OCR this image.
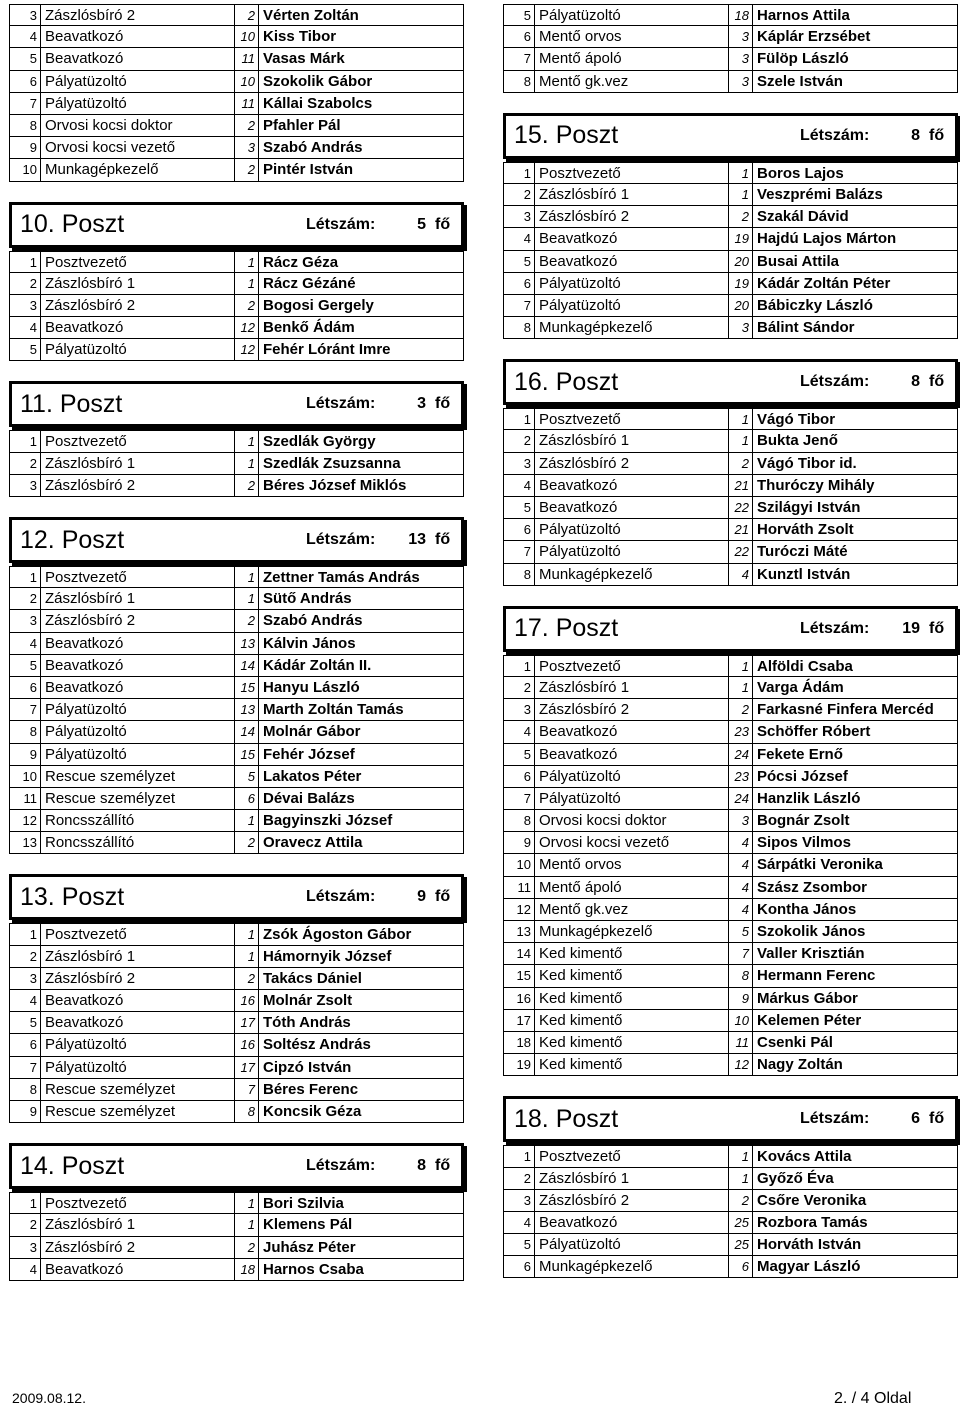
3 Zászlósbíró 2	2 Vérten Zoltán
4 Beavatkozó	10 Kiss Tibor
5 Beavatkozó	11 Vasas Márk
6 Pályatüzoltó	10 Szokolik Gábor
7 Pályatüzoltó	11 Kállai Szabolcs
8 Orvosi kocsi doktor	2 Pfahler Pál
9 Orvosi kocsi vezető	3 Szabó András
10 Munkagépkezelő	2 Pintér István
10. Poszt	Létszám:	5 fő
1 Posztvezető	1 Rácz Géza
2 Zászlósbíró 1	1 Rácz Gézáné
3 Zászlósbíró 2	2 Bogosi Gergely
4 Beavatkozó	12 Benkő Ádám
5 Pályatüzoltó	12 Fehér Lóránt Imre
11. Poszt	Létszám:	3 fő
1 Posztvezető	1 Szedlák György
2 Zászlósbíró 1	1 Szedlák Zsuzsanna
3 Zászlósbíró 2	2 Béres József Miklós
12. Poszt	Létszám:	13 fő
1 Posztvezető	1 Zettner Tamás András
2 Zászlósbíró 1	1 Sütő András
3 Zászlósbíró 2	2 Szabó András
4 Beavatkozó	13 Kálvin János
5 Beavatkozó	14 Kádár Zoltán II.
6 Beavatkozó	15 Hanyu László
7 Pályatüzoltó	13 Marth Zoltán Tamás
8 Pályatüzoltó	14 Molnár Gábor
9 Pályatüzoltó	15 Fehér József
10 Rescue személyzet	5 Lakatos Péter
11 Rescue személyzet	6 Dévai Balázs
12 Roncsszállító	1 Bagyinszki József
13 Roncsszállító	2 Oravecz Attila
13. Poszt	Létszám:	9 fő
1 Posztvezető	1 Zsók Ágoston Gábor
2 Zászlósbíró 1	1 Hámornyik József
3 Zászlósbíró 2	2 Takács Dániel
4 Beavatkozó	16 Molnár Zsolt
5 Beavatkozó	17 Tóth András
6 Pályatüzoltó	16 Soltész András
7 Pályatüzoltó	17 Cipzó István
8 Rescue személyzet	7 Béres Ferenc
9 Rescue személyzet	8 Koncsik Géza
14. Poszt	Létszám:	8 fő
1 Posztvezető	1 Bori Szilvia
2 Zászlósbíró 1	1 Klemens Pál
3 Zászlósbíró 2	2 Juhász Péter
4 Beavatkozó	18 Harnos Csaba
5 Pályatüzoltó	18 Harnos Attila
6 Mentő orvos	3 Káplár Erzsébet
7 Mentő ápoló	3 Fülöp László
8 Mentő gk.vez	3 Szele István
15. Poszt	Létszám:	8 fő
1 Posztvezető	1 Boros Lajos
2 Zászlósbíró 1	1 Veszprémi Balázs
3 Zászlósbíró 2	2 Szakál Dávid
4 Beavatkozó	19 Hajdú Lajos Márton
5 Beavatkozó	20 Busai Attila
6 Pályatüzoltó	19 Kádár Zoltán Péter
7 Pályatüzoltó	20 Bábiczky László
8 Munkagépkezelő	3 Bálint Sándor
16. Poszt	Létszám:	8 fő
1 Posztvezető	1 Vágó Tibor
2 Zászlósbíró 1	1 Bukta Jenő
3 Zászlósbíró 2	2 Vágó Tibor id.
4 Beavatkozó	21 Thuróczy Mihály
5 Beavatkozó	22 Szilágyi István
6 Pályatüzoltó	21 Horváth Zsolt
7 Pályatüzoltó	22 Turóczi Máté
8 Munkagépkezelő	4 Kunztl István
17. Poszt	Létszám:	19 fő
1 Posztvezető	1 Alföldi Csaba
2 Zászlósbíró 1	1 Varga Ádám
3 Zászlósbíró 2	2 Farkasné Finfera Mercéd
4 Beavatkozó	23 Schöffer Róbert
5 Beavatkozó	24 Fekete Ernő
6 Pályatüzoltó	23 Pócsi József
7 Pályatüzoltó	24 Hanzlik László
8 Orvosi kocsi doktor	3 Bognár Zsolt
9 Orvosi kocsi vezető	4 Sipos Vilmos
10 Mentő orvos	4 Sárpátki Veronika
11 Mentő ápoló	4 Szász Zsombor
12 Mentő gk.vez	4 Kontha János
13 Munkagépkezelő	5 Szokolik János
14 Ked kimentő	7 Valler Krisztián
15 Ked kimentő	8 Hermann Ferenc
16 Ked kimentő	9 Márkus Gábor
17 Ked kimentő	10 Kelemen Péter
18 Ked kimentő	11 Csenki Pál
19 Ked kimentő	12 Nagy Zoltán
18. Poszt	Létszám:	6 fő
1 Posztvezető	1 Kovács Attila
2 Zászlósbíró 1	1 Győző Éva
3 Zászlósbíró 2	2 Csőre Veronika
4 Beavatkozó	25 Rozbora Tamás
5 Pályatüzoltó	25 Horváth István
6 Munkagépkezelő	6 Magyar László
2009.08.12.	2. / 4 Oldal
